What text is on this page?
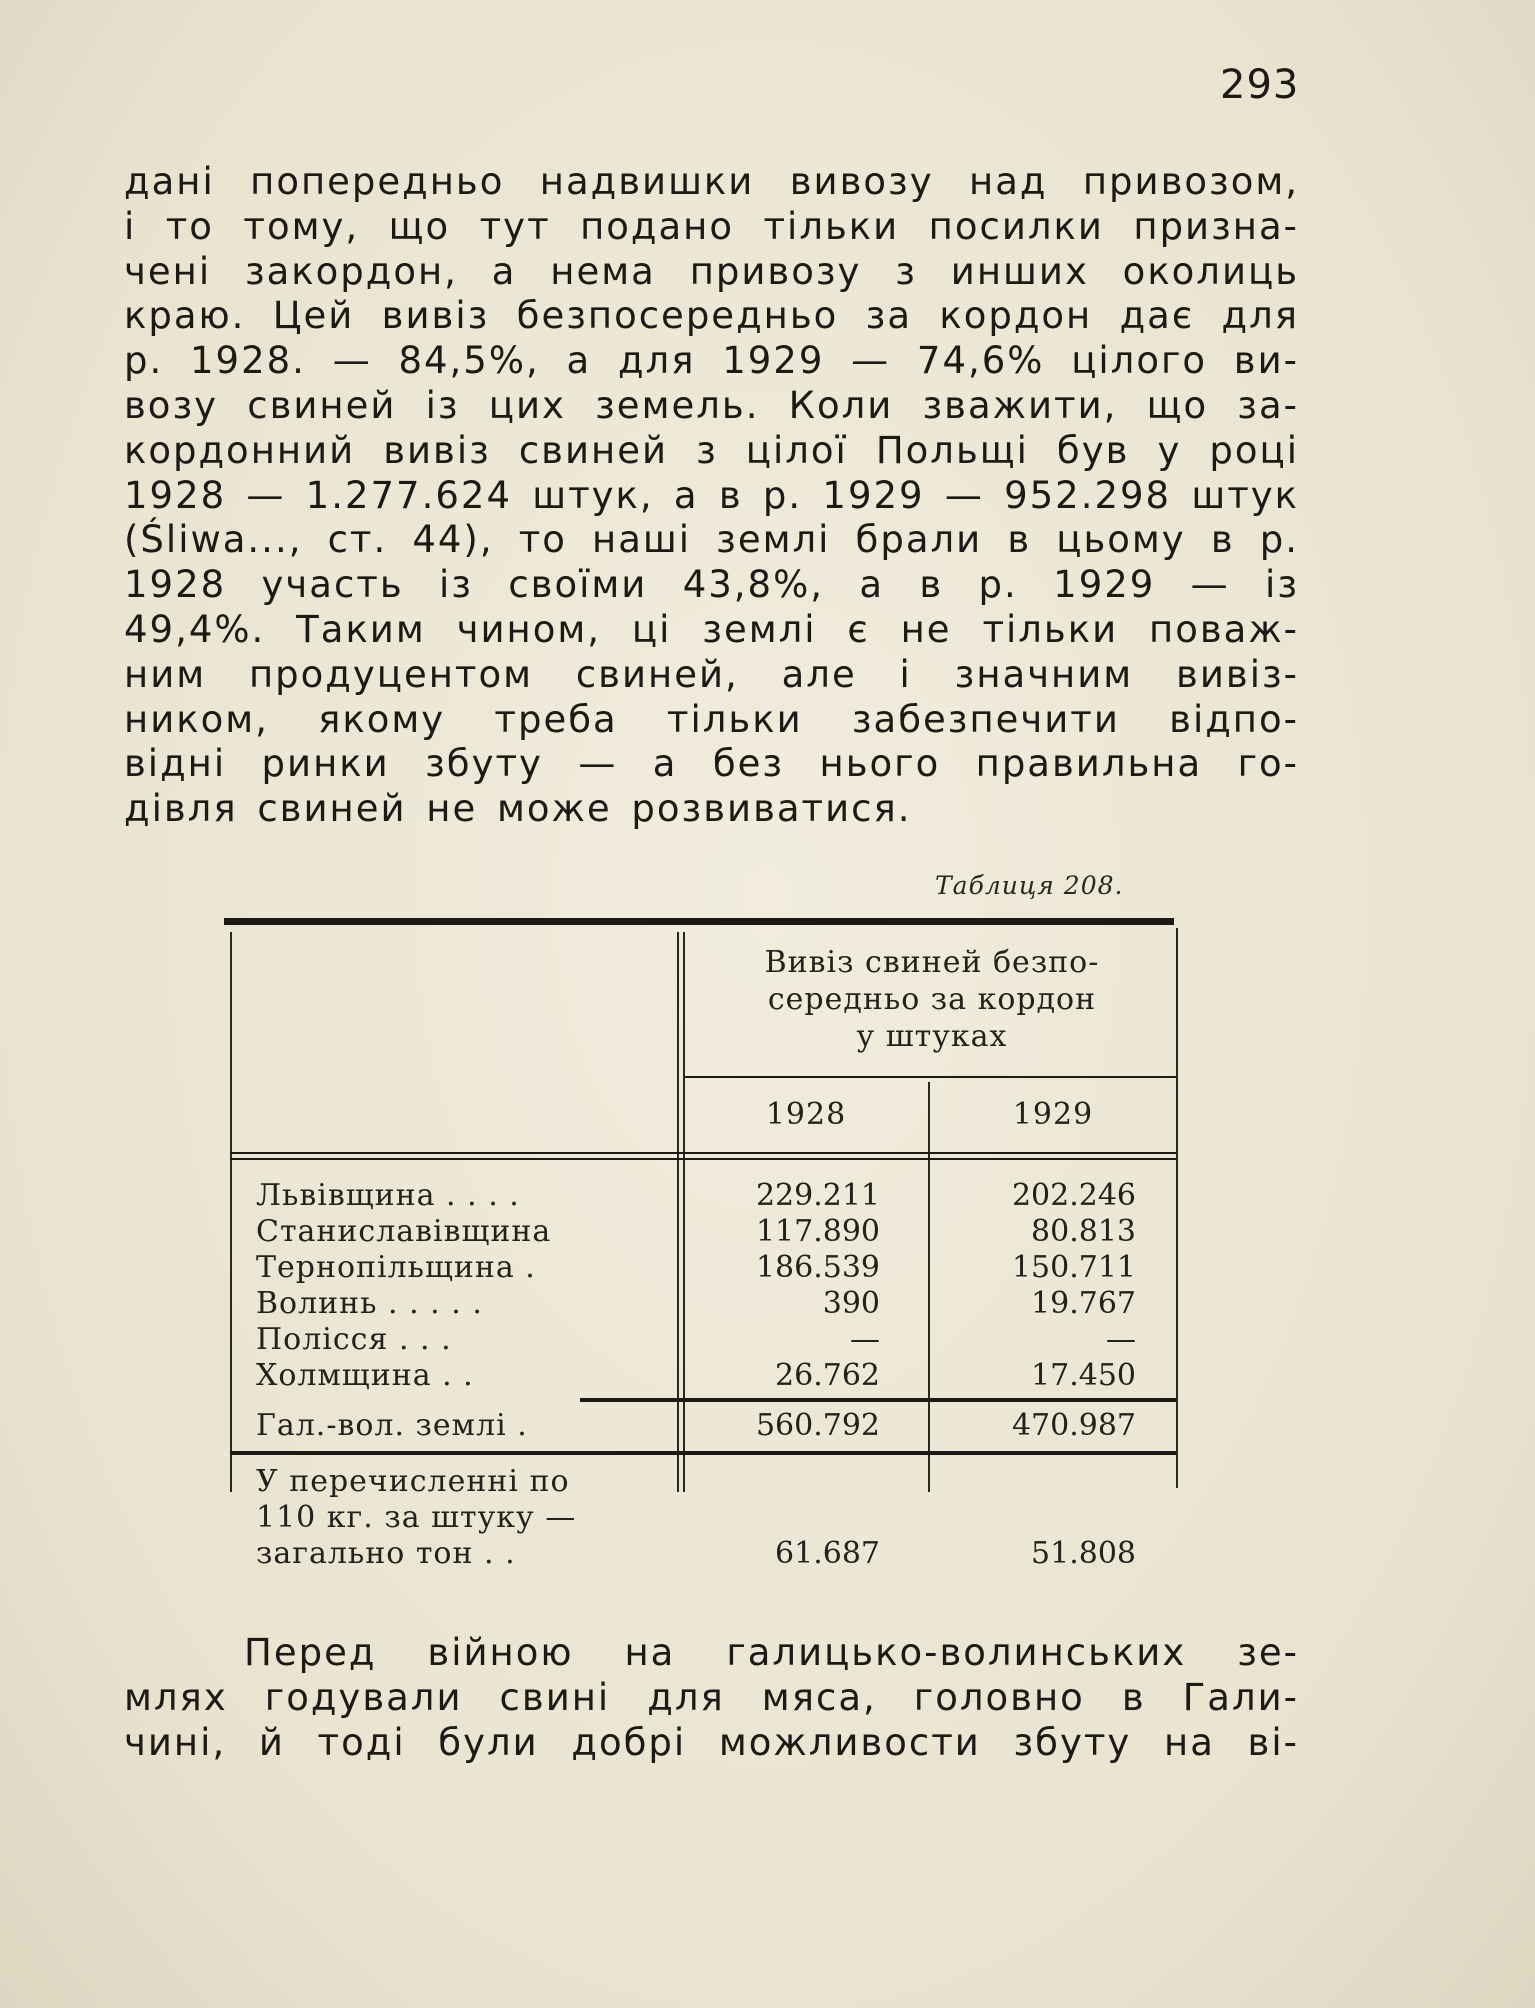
293
дані попередньо надвишки вивозу над привозом,
і то тому, що тут подано тільки посилки призна-
чені закордон, а нема привозу з инших околиць
краю. Цей вивіз безпосередньо за кордон дає для
р. 1928. — 84,5%, а для 1929 — 74,6% цілого ви-
возу свиней із цих земель. Коли зважити, що за-
кордонний вивіз свиней з цілої Польщі був у році
1928 — 1.277.624 штук, а в р. 1929 — 952.298 штук
(Śliwa..., ст. 44), то наші землі брали в цьому в р.
1928 участь із своїми 43,8%, а в р. 1929 — із
49,4%. Таким чином, ці землі є не тільки поваж-
ним продуцентом свиней, але і значним вивіз-
ником, якому треба тільки забезпечити відпо-
відні ринки збуту — а без нього правильна го-
дівля свиней не може розвиватися.
Таблиця 208.
Вивіз свиней безпо-
середньо за кордон
у штуках
1928	1929
Львівщина . . . .	229.211	202.246
Станиславівщина	117.890	80.813
Тернопільщина .	186.539	150.711
Волинь . . . . .	390	19.767
Полісся . . .	—	—
Холмщина . .	26.762	17.450
Гал.-вол. землі .	560.792	470.987
У перечисленні по
110 кг. за штуку —
загально тон . .	61.687	51.808
Перед війною на галицько-волинських зе-
млях годували свині для мяса, головно в Гали-
чині, й тоді були добрі можливости збуту на ві-
